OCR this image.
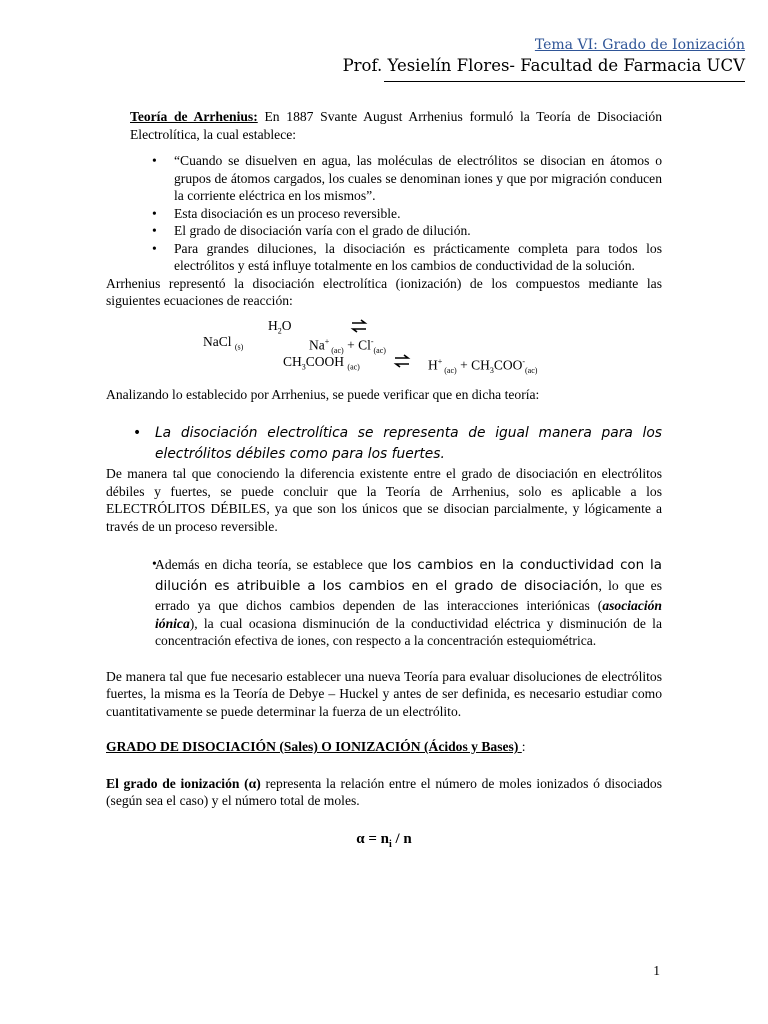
Tema VI: Grado de Ionización
Prof. Yesielín Flores- Facultad de Farmacia UCV

Teoría de Arrhenius: En 1887 Svante August Arrhenius formuló la Teoría de Disociación Electrolítica, la cual establece:

• “Cuando se disuelven en agua, las moléculas de electrólitos se disocian en átomos o grupos de átomos cargados, los cuales se denominan iones y que por migración conducen la corriente eléctrica en los mismos”.
• Esta disociación es un proceso reversible.
• El grado de disociación varía con el grado de dilución.
• Para grandes diluciones, la disociación es prácticamente completa para todos los electrólitos y está influye totalmente en los cambios de conductividad de la solución.

Arrhenius representó la disociación electrolítica (ionización) de los compuestos mediante las siguientes ecuaciones de reacción:

$H_2O$
NaCl $_{(s)}$	Na+ $_{(ac)} + Cl^-_{(ac)}$
$CH_3COOH$ $_{(ac)}$ ⇌ H+ $_{(ac)} + CH_3COO^-_{(ac)}$

Analizando lo establecido por Arrhenius, se puede verificar que en dicha teoría:

• La disociación electrolítica se representa de igual manera para los electrólitos débiles como para los fuertes.

De manera tal que conociendo la diferencia existente entre el grado de disociación en electrólitos débiles y fuertes, se puede concluir que la Teoría de Arrhenius, solo es aplicable a los ELECTRÓLITOS DÉBILES, ya que son los únicos que se disocian parcialmente, y lógicamente a través de un proceso reversible.

• Además en dicha teoría, se establece que los cambios en la conductividad con la dilución es atribuible a los cambios en el grado de disociación, lo que es errado ya que dichos cambios dependen de las interacciones interiónicas (asociación iónica), la cual ocasiona disminución de la conductividad eléctrica y disminución de la concentración efectiva de iones, con respecto a la concentración estequiométrica.

De manera tal que fue necesario establecer una nueva Teoría para evaluar disoluciones de electrólitos fuertes, la misma es la Teoría de Debye – Huckel y antes de ser definida, es necesario estudiar como cuantitativamente se puede determinar la fuerza de un electrólito.

GRADO DE DISOCIACIÓN (Sales) O IONIZACIÓN (Ácidos y Bases) :

El grado de ionización (α) representa la relación entre el número de moles ionizados ó disociados (según sea el caso) y el número total de moles.

$\alpha = n_i / n$
1
